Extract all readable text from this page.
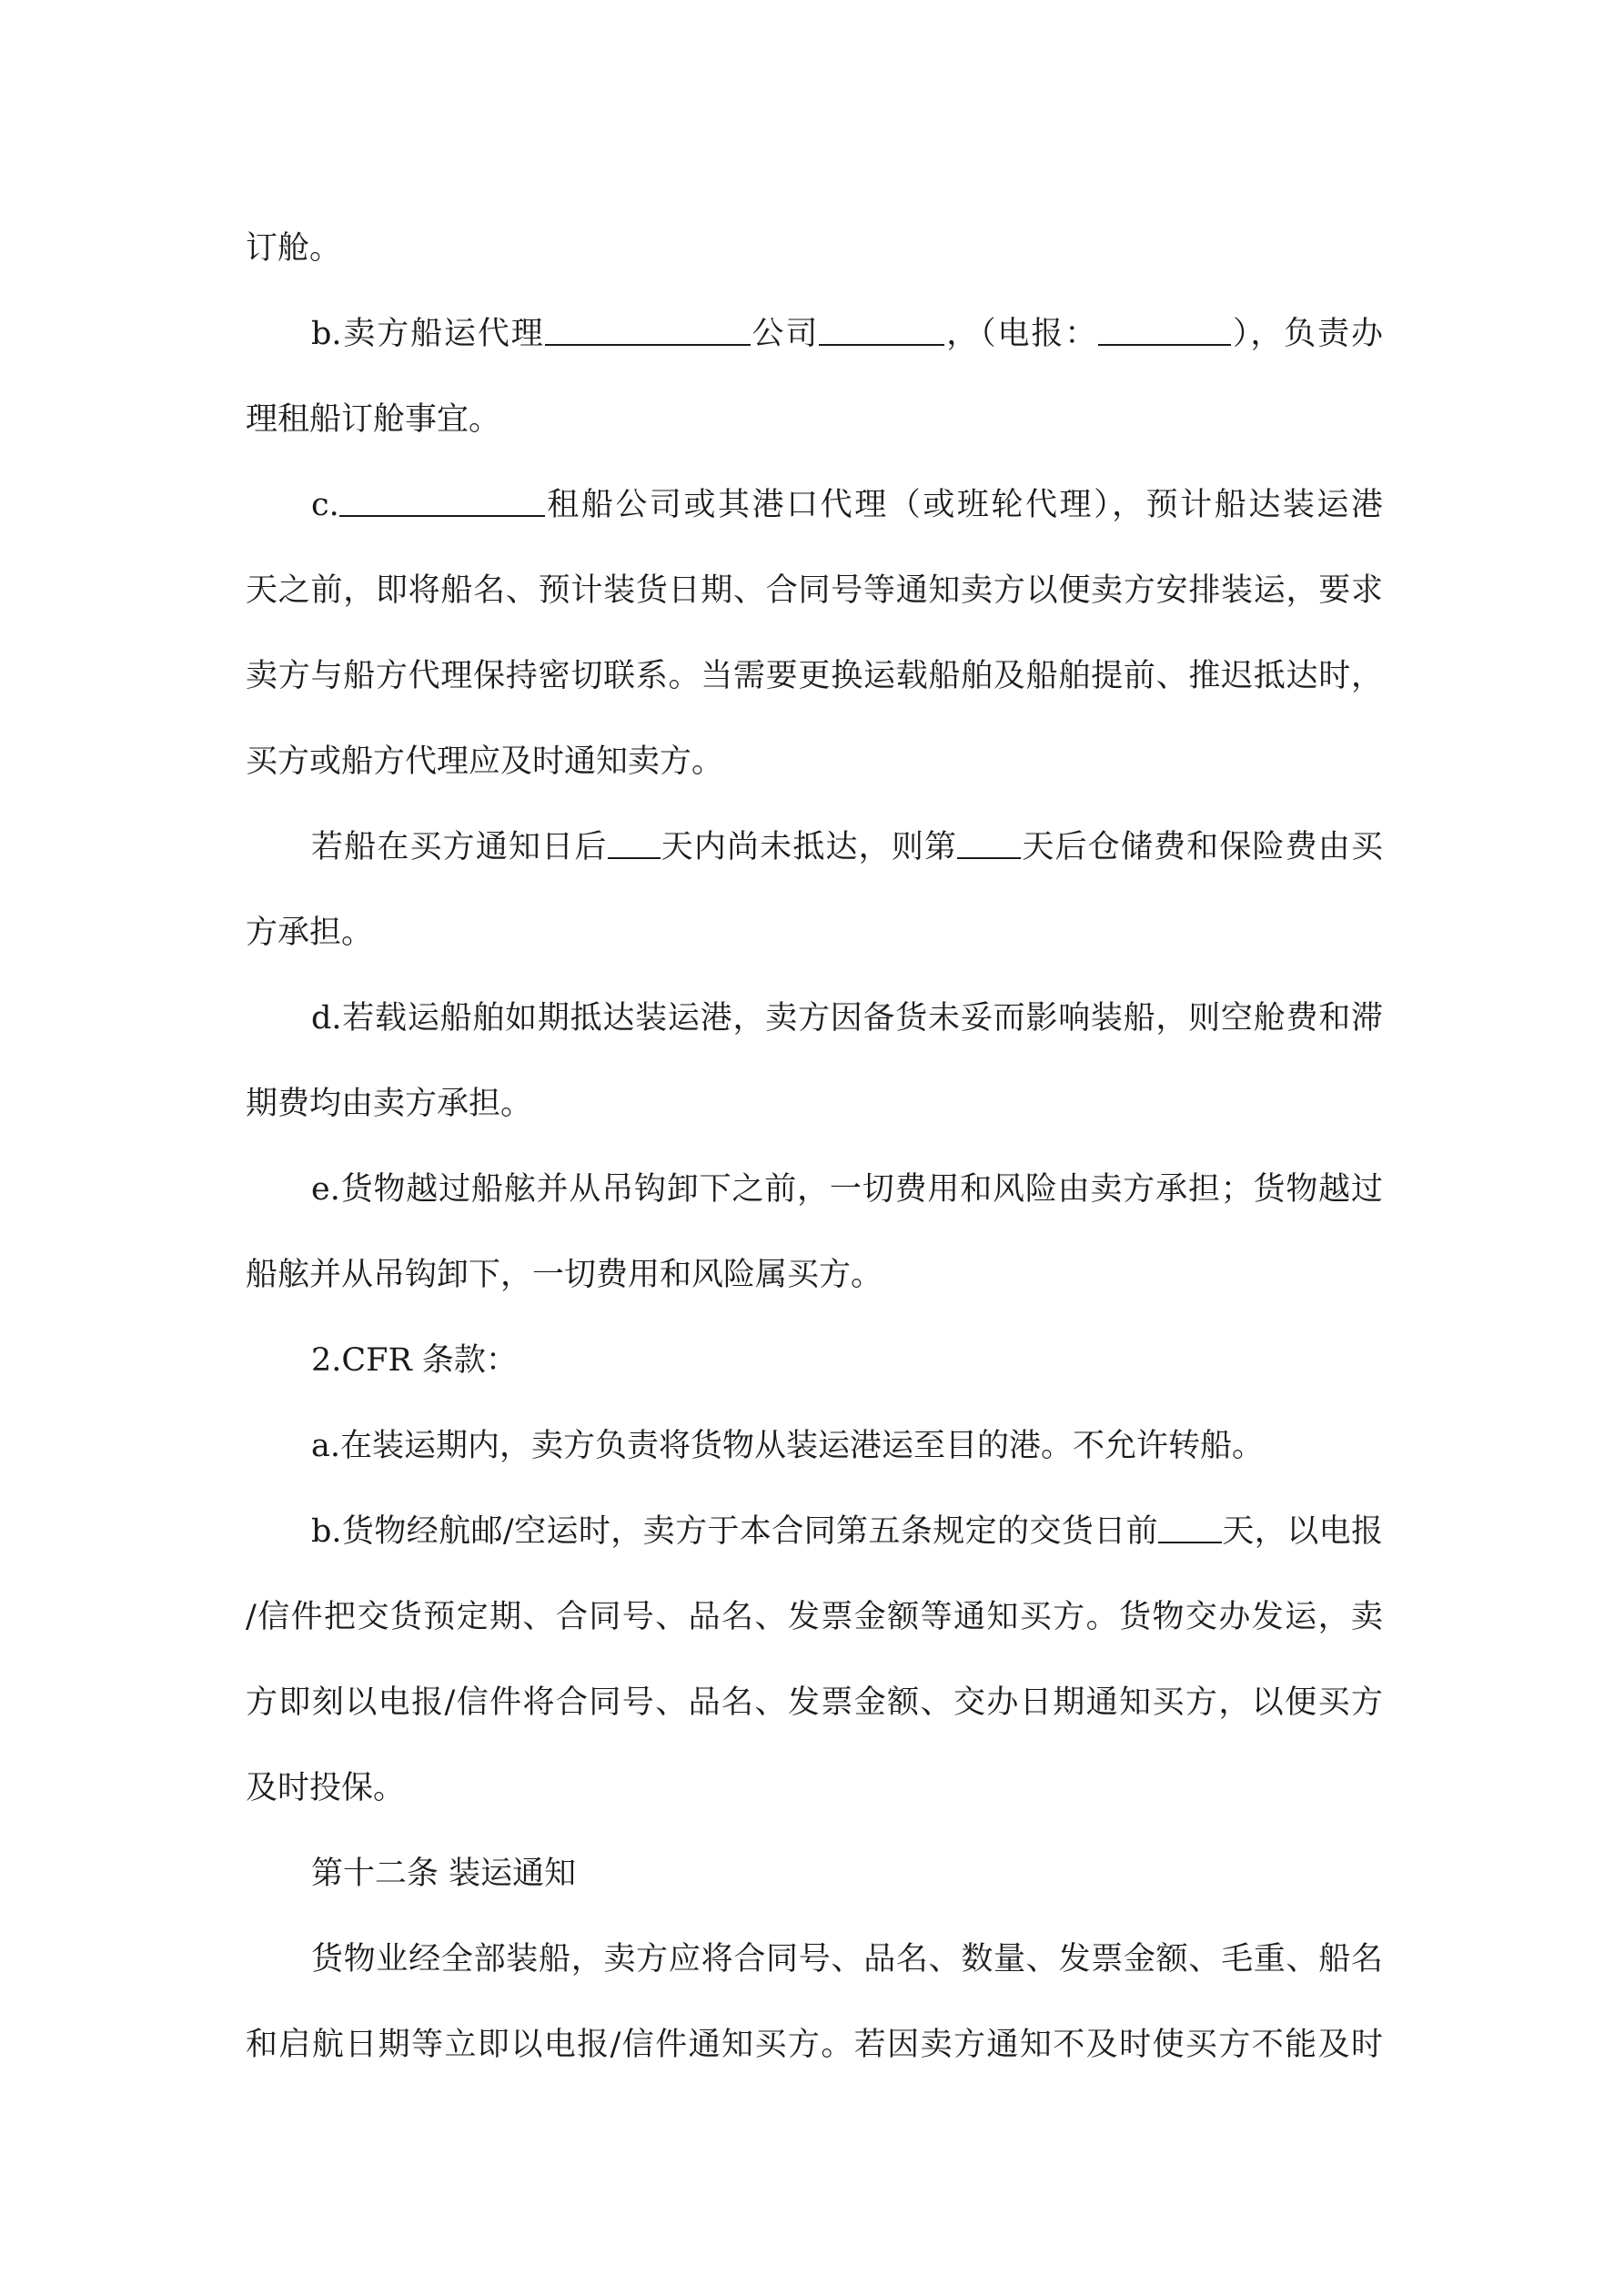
订舱。
b.卖方船运代理	公司	，（电报：	），负责办
理租船订舱事宜。
c.	租船公司或其港口代理（或班轮代理），预计船达装运港
天之前，即将船名、预计装货日期、合同号等通知卖方以便卖方安排装运，要求
卖方与船方代理保持密切联系。当需要更换运载船舶及船舶提前、推迟抵达时，
买方或船方代理应及时通知卖方。
若船在买方通知日后 天内尚未抵达，则第 天后仓储费和保险费由买
方承担。
d.若载运船舶如期抵达装运港，卖方因备货未妥而影响装船，则空舱费和滞
期费均由卖方承担。
e.货物越过船舷并从吊钩卸下之前，一切费用和风险由卖方承担；货物越过
船舷并从吊钩卸下，一切费用和风险属买方。
2.CFR 条款：
a.在装运期内，卖方负责将货物从装运港运至目的港。不允许转船。
b.货物经航邮/空运时，卖方于本合同第五条规定的交货日前 天，以电报
/信件把交货预定期、合同号、品名、发票金额等通知买方。货物交办发运，卖
方即刻以电报/信件将合同号、品名、发票金额、交办日期通知买方，以便买方
及时投保。
第十二条 装运通知
货物业经全部装船，卖方应将合同号、品名、数量、发票金额、毛重、船名
和启航日期等立即以电报/信件通知买方。若因卖方通知不及时使买方不能及时
